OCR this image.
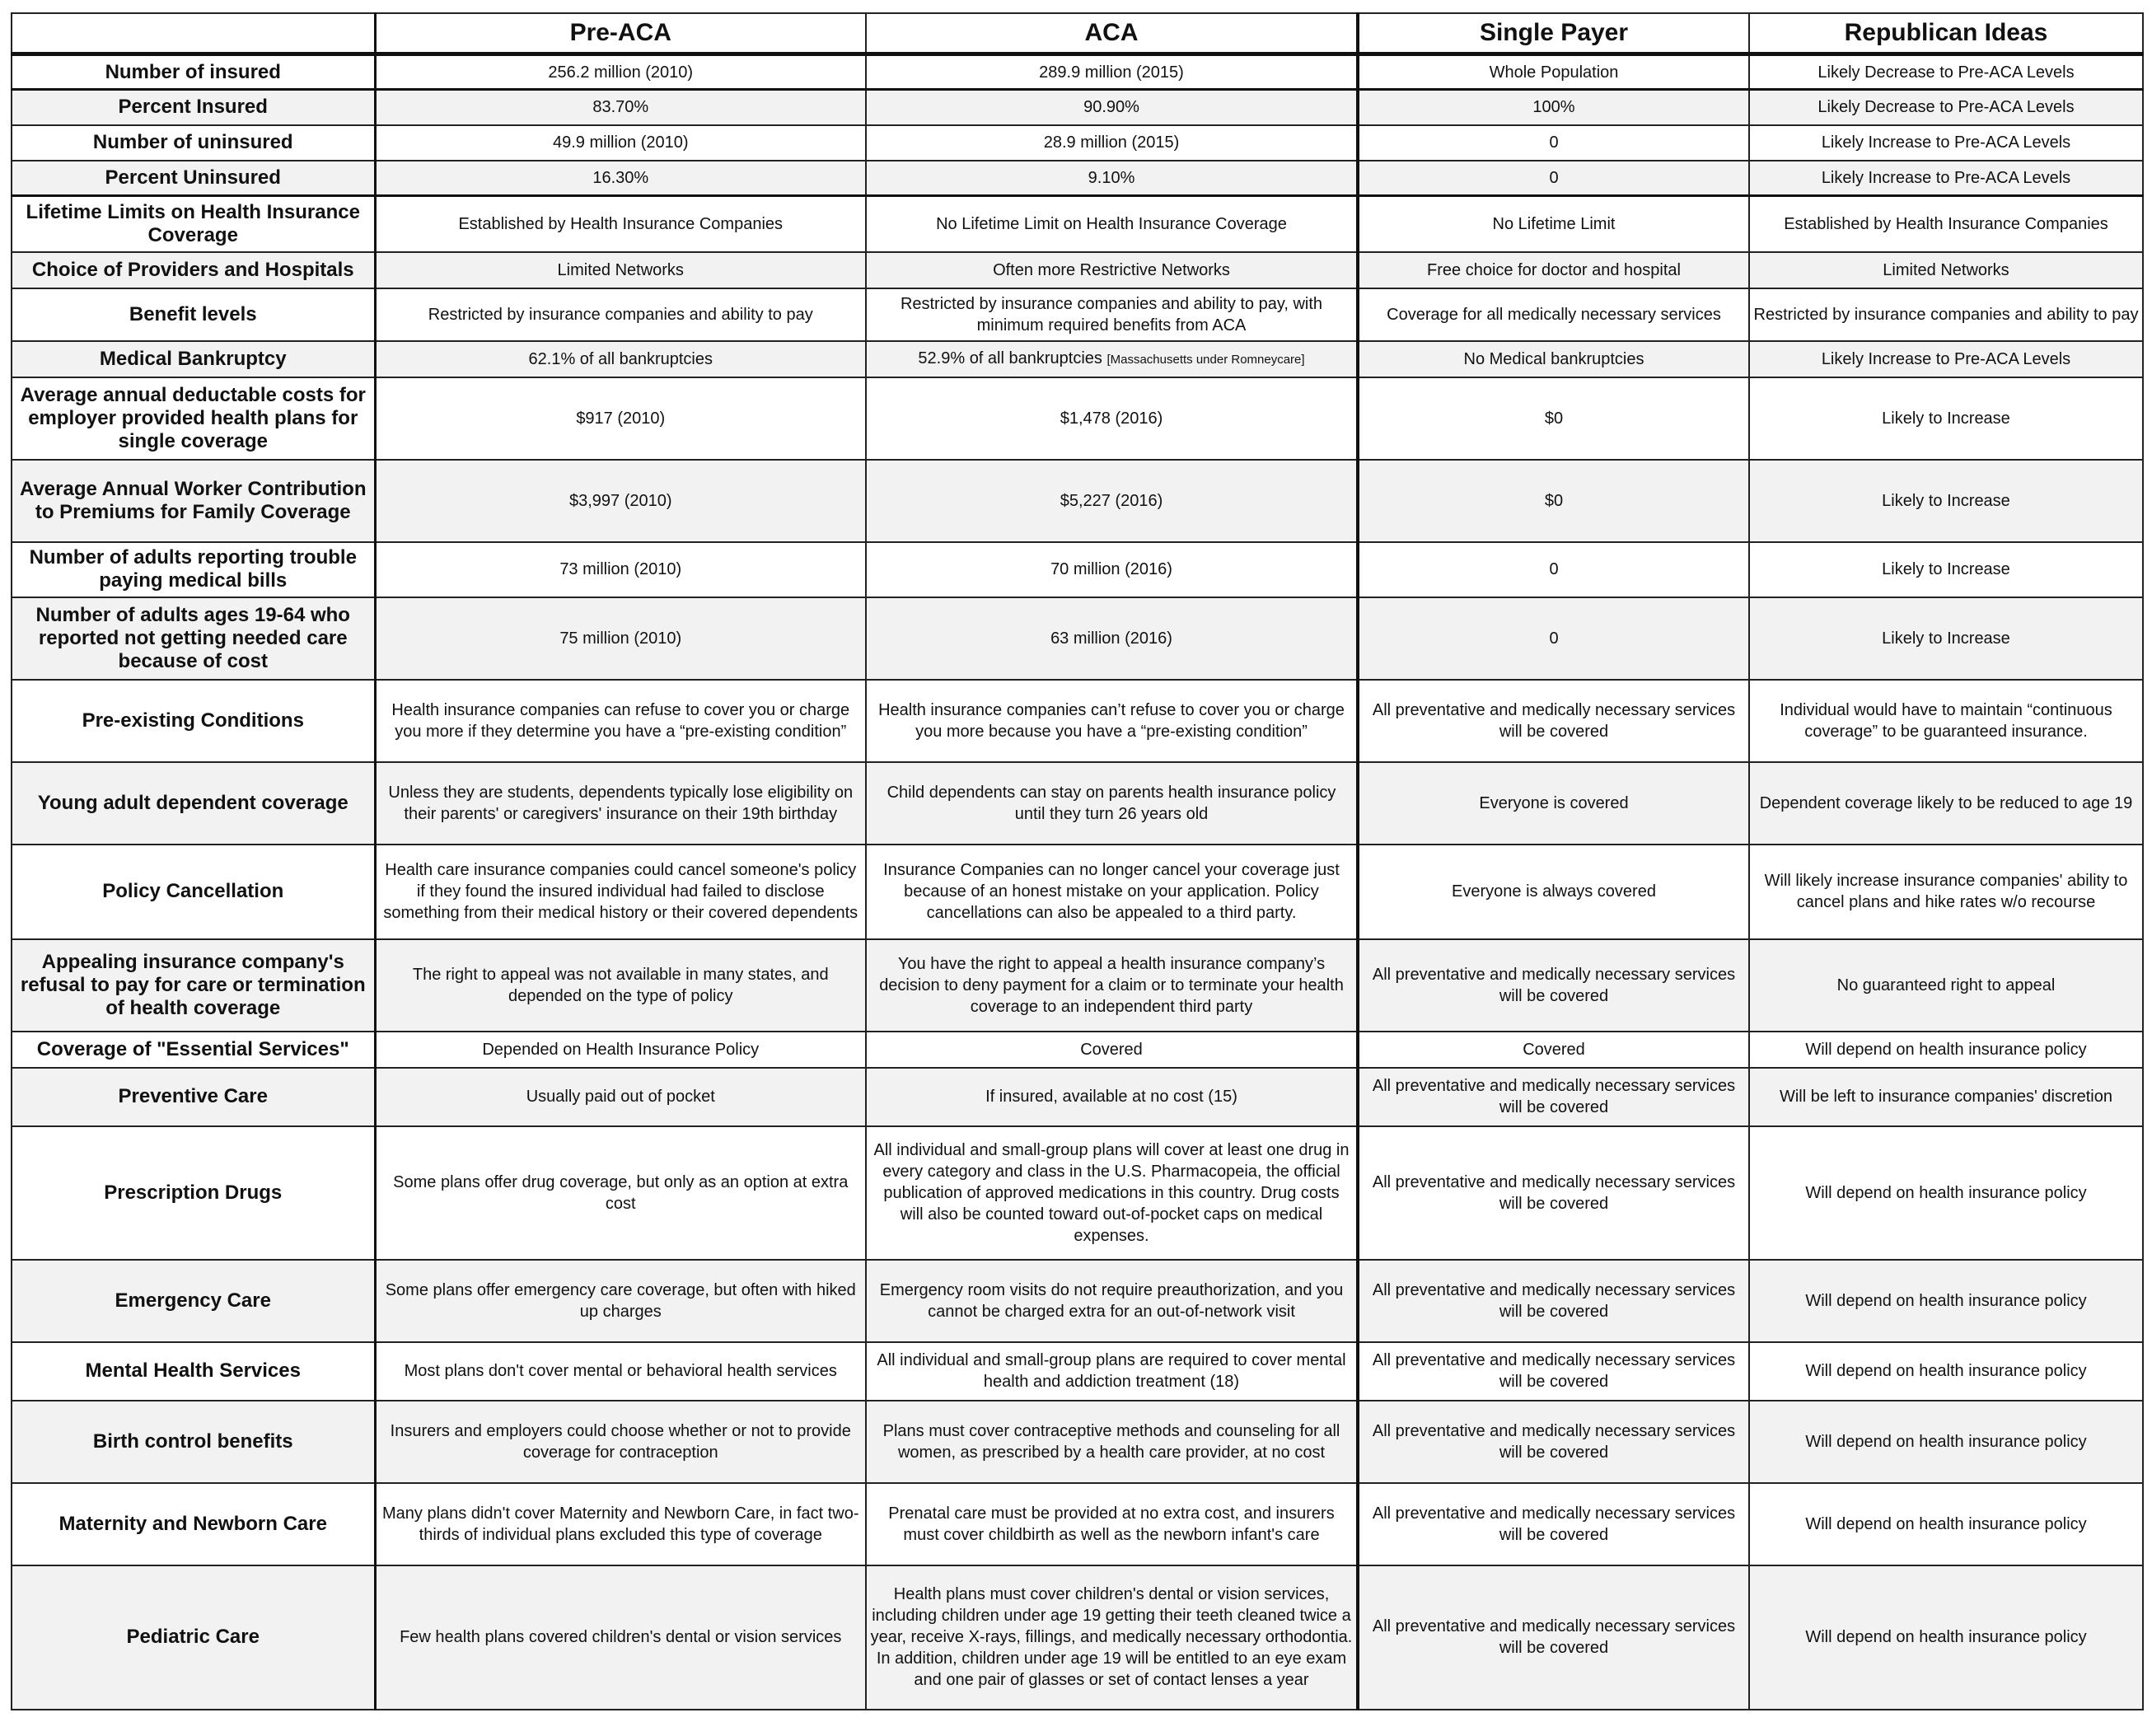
	Pre-ACA	ACA	Single Payer	Republican Ideas
Number of insured	256.2 million (2010)	289.9 million (2015)	Whole Population	Likely Decrease to Pre-ACA Levels
Percent Insured	83.70%	90.90%	100%	Likely Decrease to Pre-ACA Levels
Number of uninsured	49.9 million (2010)	28.9 million (2015)	0	Likely Increase to Pre-ACA Levels
Percent Uninsured	16.30%	9.10%	0	Likely Increase to Pre-ACA Levels
Lifetime Limits on Health Insurance Coverage	Established by Health Insurance Companies	No Lifetime Limit on Health Insurance Coverage	No Lifetime Limit	Established by Health Insurance Companies
Choice of Providers and Hospitals	Limited Networks	Often more Restrictive Networks	Free choice for doctor and hospital	Limited Networks
Benefit levels	Restricted by insurance companies and ability to pay	Restricted by insurance companies and ability to pay, with minimum required benefits from ACA	Coverage for all medically necessary services	Restricted by insurance companies and ability to pay
Medical Bankruptcy	62.1% of all bankruptcies	52.9% of all bankruptcies [Massachusetts under Romneycare]	No Medical bankruptcies	Likely Increase to Pre-ACA Levels
Average annual deductable costs for employer provided health plans for single coverage	$917 (2010)	$1,478 (2016)	$0	Likely to Increase
Average Annual Worker Contribution to Premiums for Family Coverage	$3,997 (2010)	$5,227 (2016)	$0	Likely to Increase
Number of adults reporting trouble paying medical bills	73 million (2010)	70 million (2016)	0	Likely to Increase
Number of adults ages 19-64 who reported not getting needed care because of cost	75 million (2010)	63 million (2016)	0	Likely to Increase
Pre-existing Conditions	Health insurance companies can refuse to cover you or charge you more if they determine you have a “pre-existing condition”	Health insurance companies can’t refuse to cover you or charge you more because you have a “pre-existing condition”	All preventative and medically necessary services will be covered	Individual would have to maintain “continuous coverage” to be guaranteed insurance.
Young adult dependent coverage	Unless they are students, dependents typically lose eligibility on their parents' or caregivers' insurance on their 19th birthday	Child dependents can stay on parents health insurance policy until they turn 26 years old	Everyone is covered	Dependent coverage likely to be reduced to age 19
Policy Cancellation	Health care insurance companies could cancel someone's policy if they found the insured individual had failed to disclose something from their medical history or their covered dependents	Insurance Companies can no longer cancel your coverage just because of an honest mistake on your application. Policy cancellations can also be appealed to a third party.	Everyone is always covered	Will likely increase insurance companies' ability to cancel plans and hike rates w/o recourse
Appealing insurance company's refusal to pay for care or termination of health coverage	The right to appeal was not available in many states, and depended on the type of policy	You have the right to appeal a health insurance company’s decision to deny payment for a claim or to terminate your health coverage to an independent third party	All preventative and medically necessary services will be covered	No guaranteed right to appeal
Coverage of "Essential Services"	Depended on Health Insurance Policy	Covered	Covered	Will depend on health insurance policy
Preventive Care	Usually paid out of pocket	If insured, available at no cost (15)	All preventative and medically necessary services will be covered	Will be left to insurance companies' discretion
Prescription Drugs	Some plans offer drug coverage, but only as an option at extra cost	All individual and small-group plans will cover at least one drug in every category and class in the U.S. Pharmacopeia, the official publication of approved medications in this country. Drug costs will also be counted toward out-of-pocket caps on medical expenses.	All preventative and medically necessary services will be covered	Will depend on health insurance policy
Emergency Care	Some plans offer emergency care coverage, but often with hiked up charges	Emergency room visits do not require preauthorization, and you cannot be charged extra for an out-of-network visit	All preventative and medically necessary services will be covered	Will depend on health insurance policy
Mental Health Services	Most plans don't cover mental or behavioral health services	All individual and small-group plans are required to cover mental health and addiction treatment (18)	All preventative and medically necessary services will be covered	Will depend on health insurance policy
Birth control benefits	Insurers and employers could choose whether or not to provide coverage for contraception	Plans must cover contraceptive methods and counseling for all women, as prescribed by a health care provider, at no cost	All preventative and medically necessary services will be covered	Will depend on health insurance policy
Maternity and Newborn Care	Many plans didn't cover Maternity and Newborn Care, in fact two-thirds of individual plans excluded this type of coverage	Prenatal care must be provided at no extra cost, and insurers must cover childbirth as well as the newborn infant's care	All preventative and medically necessary services will be covered	Will depend on health insurance policy
Pediatric Care	Few health plans covered children's dental or vision services	Health plans must cover children's dental or vision services, including children under age 19 getting their teeth cleaned twice a year, receive X-rays, fillings, and medically necessary orthodontia. In addition, children under age 19 will be entitled to an eye exam and one pair of glasses or set of contact lenses a year	All preventative and medically necessary services will be covered	Will depend on health insurance policy
